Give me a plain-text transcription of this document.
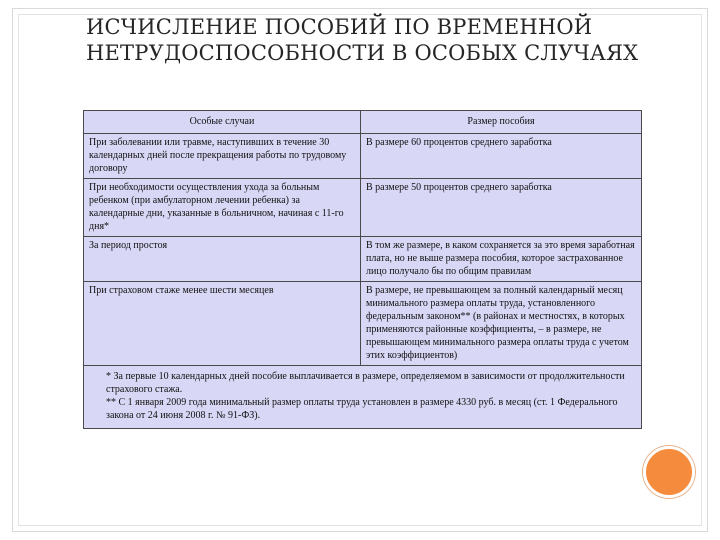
ИСЧИСЛЕНИЕ ПОСОБИЙ ПО ВРЕМЕННОЙ НЕТРУДОСПОСОБНОСТИ В ОСОБЫХ СЛУЧАЯХ
Особые случаи	Размер пособия
При заболевании или травме, наступивших в течение 30 календарных дней после прекращения работы по трудовому договору	В размере 60 процентов среднего заработка
При необходимости осуществления ухода за больным ребенком (при амбулаторном лечении ребенка) за календарные дни, указанные в больничном, начиная с 11-го дня*	В размере 50 процентов среднего заработка
За период простоя	В том же размере, в каком сохраняется за это время заработная плата, но не выше размера пособия, которое застрахованное лицо получало бы по общим правилам
При страховом стаже менее шести месяцев	В размере, не превышающем за полный календарный месяц минимального размера оплаты труда, установленного федеральным законом** (в районах и местностях, в которых применяются районные коэффициенты, – в размере, не превышающем минимального размера оплаты труда с учетом этих коэффициентов)

* За первые 10 календарных дней пособие выплачивается в размере, определяемом в зависимости от продолжительности страхового стажа.
** С 1 января 2009 года минимальный размер оплаты труда установлен в размере 4330 руб. в месяц (ст. 1 Федерального закона от 24 июня 2008 г. № 91-ФЗ).	
